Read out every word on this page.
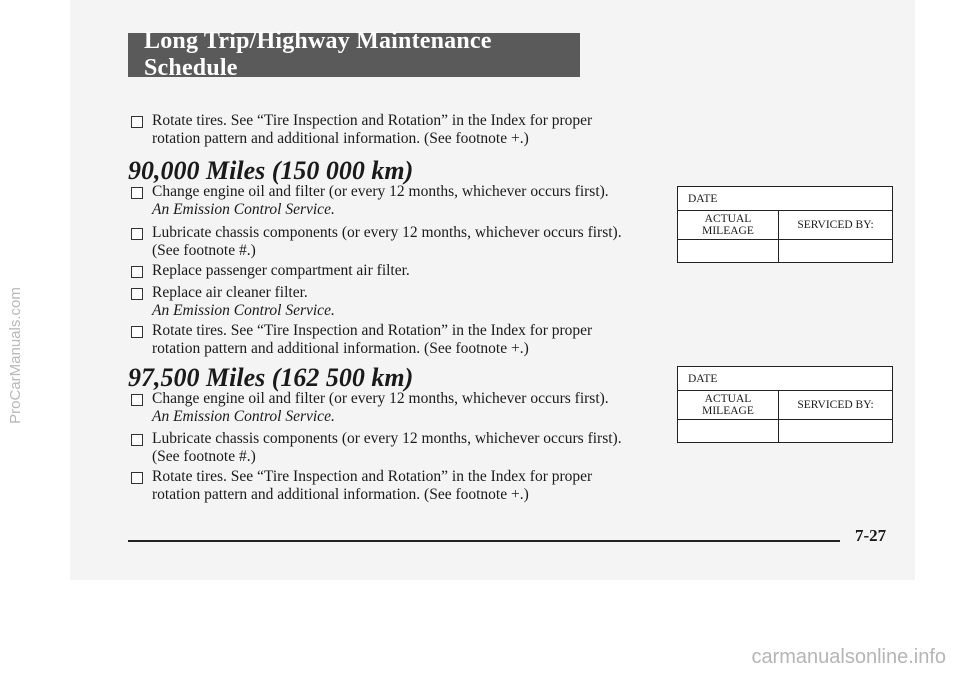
ProCarManuals.com
Long Trip/Highway Maintenance Schedule
Rotate tires. See “Tire Inspection and Rotation” in the Index for proper
rotation pattern and additional information. (See footnote +.)
90,000 Miles (150 000 km)
Change engine oil and filter (or every 12 months, whichever occurs first).
An Emission Control Service.
Lubricate chassis components (or every 12 months, whichever occurs first).
(See footnote #.)
Replace passenger compartment air filter.
Replace air cleaner filter.
An Emission Control Service.
Rotate tires. See “Tire Inspection and Rotation” in the Index for proper
rotation pattern and additional information. (See footnote +.)
DATE	
ACTUAL MILEAGE	SERVICED BY:

97,500 Miles (162 500 km)
Change engine oil and filter (or every 12 months, whichever occurs first).
An Emission Control Service.
Lubricate chassis components (or every 12 months, whichever occurs first).
(See footnote #.)
Rotate tires. See “Tire Inspection and Rotation” in the Index for proper
rotation pattern and additional information. (See footnote +.)
DATE	
ACTUAL MILEAGE	SERVICED BY:

7-27
carmanualsonline.info
